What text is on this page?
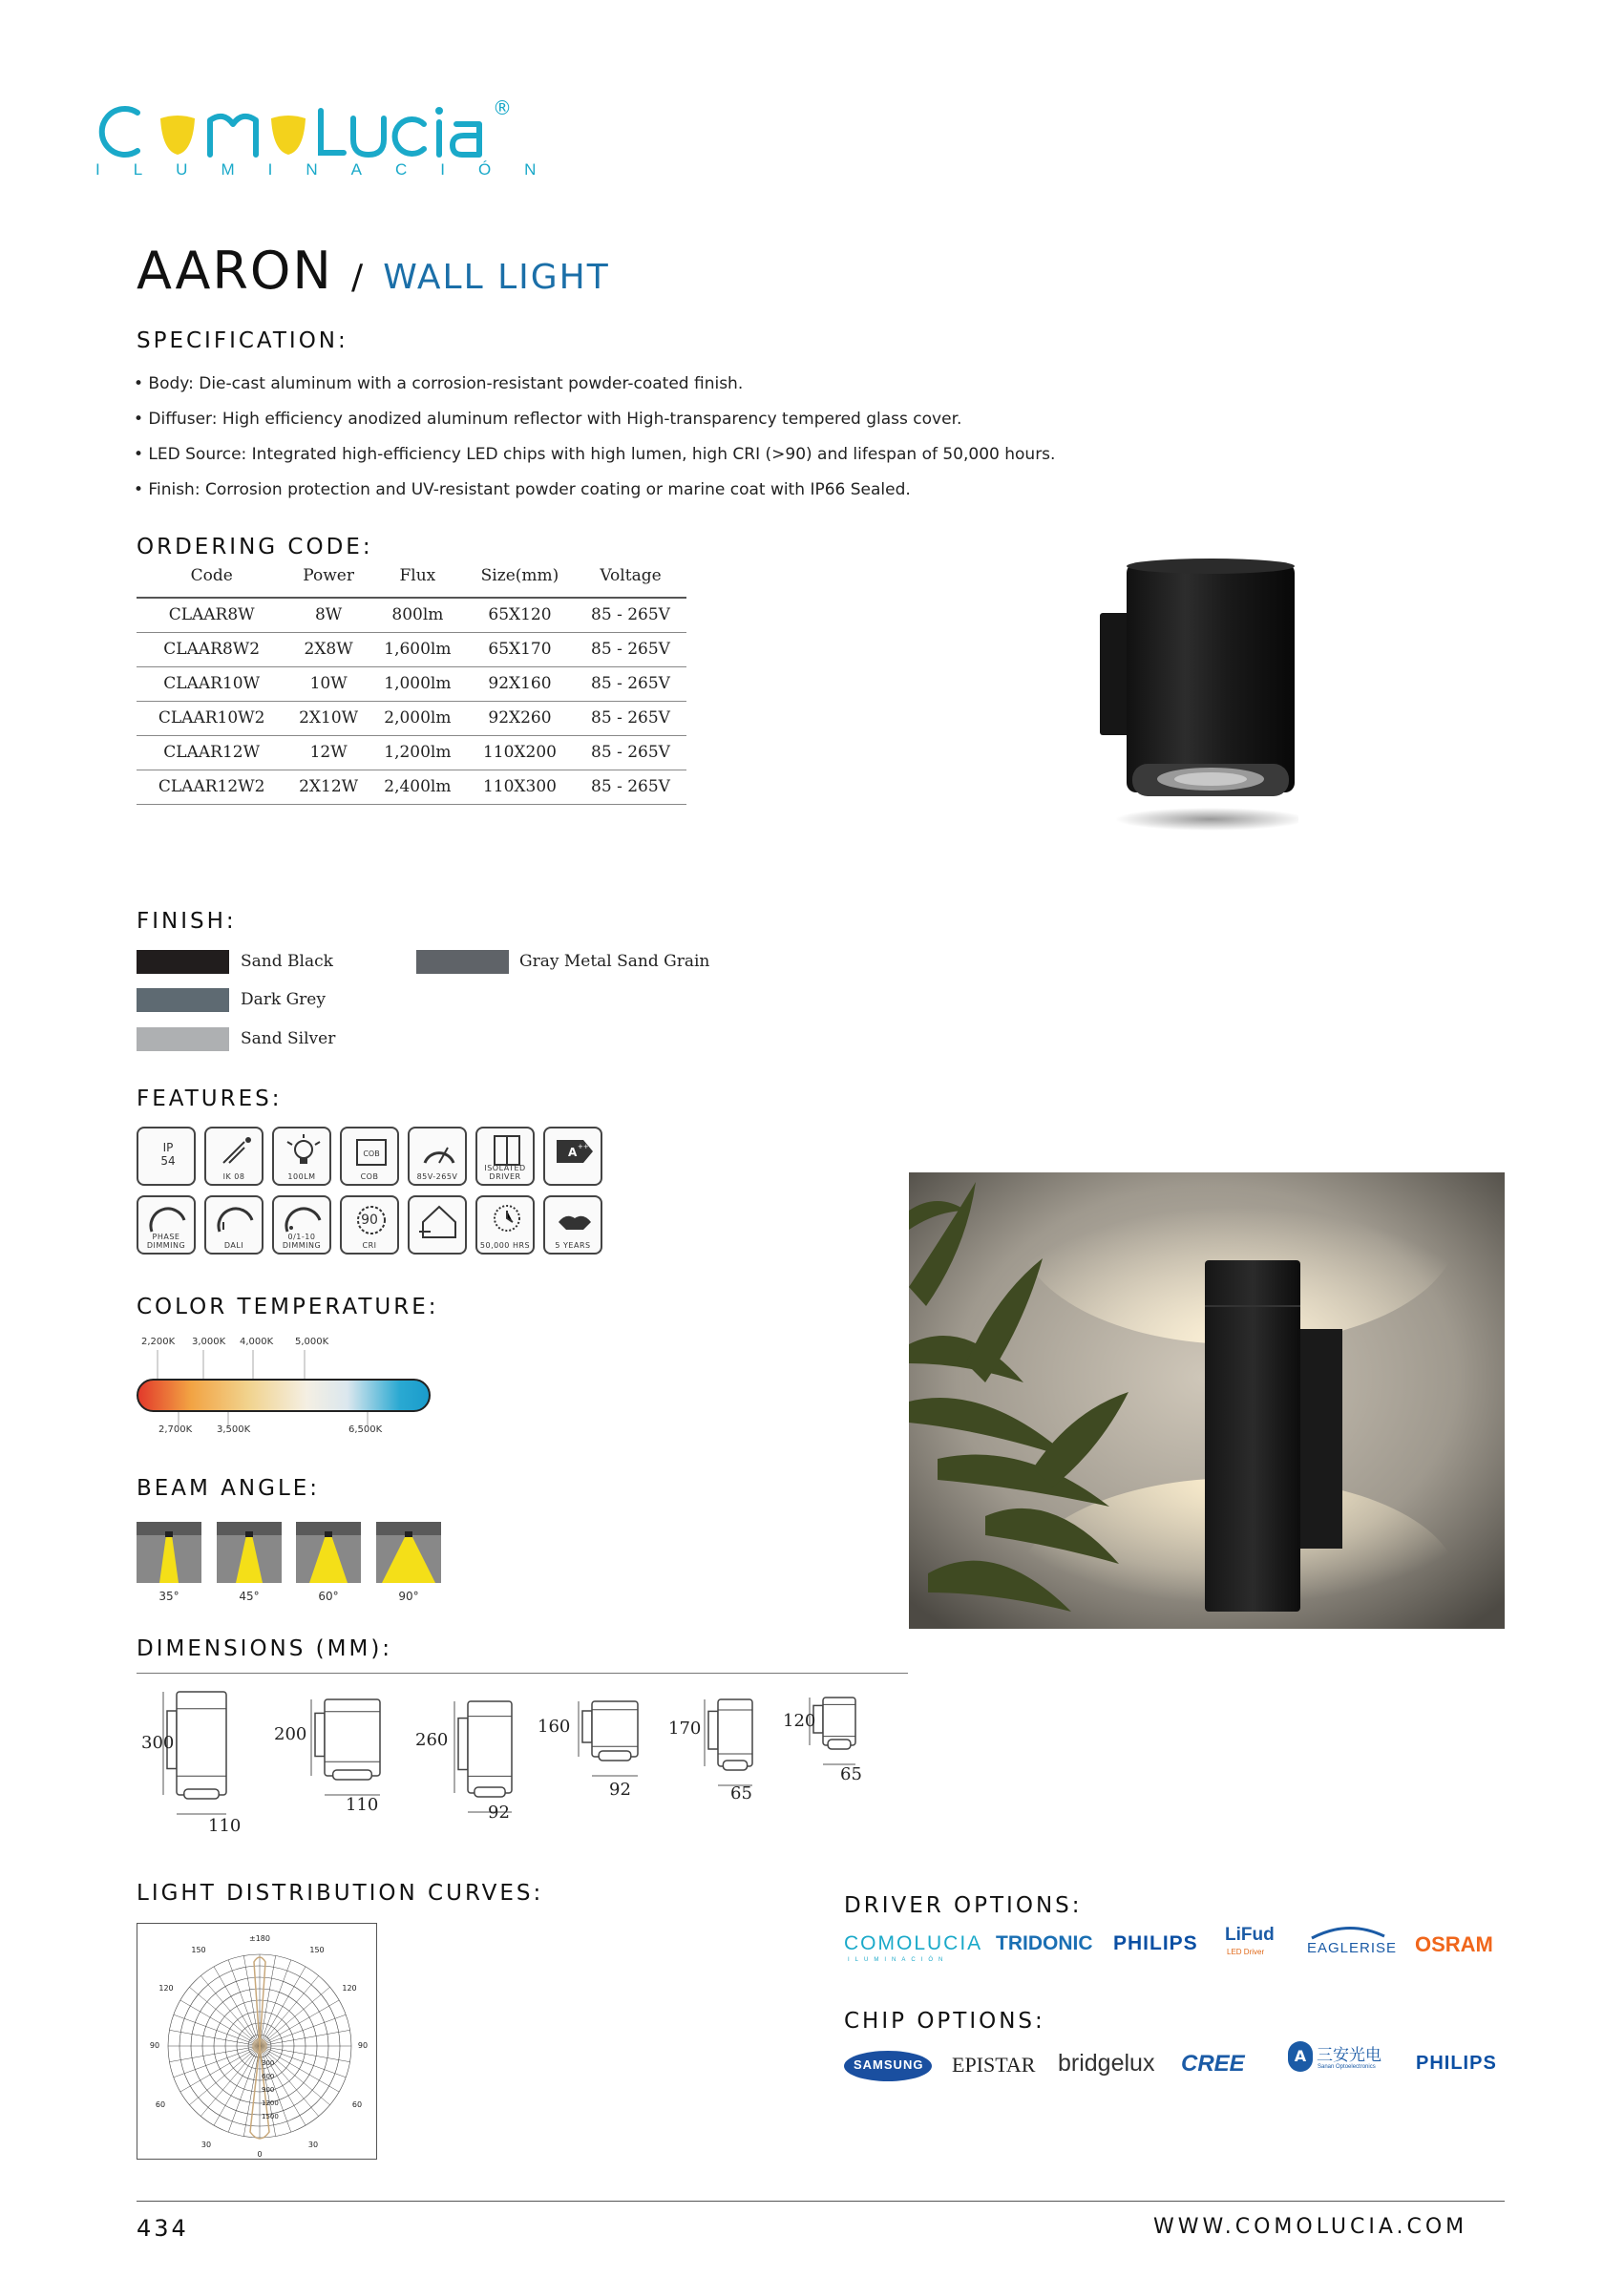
®
ILUMINACIÓN
AARON / WALL LIGHT
SPECIFICATION:
• Body: Die-cast aluminum with a corrosion-resistant powder-coated finish.
• Diffuser: High efficiency anodized aluminum reflector with High-transparency tempered glass cover.
• LED Source: Integrated high-efficiency LED chips with high lumen, high CRI (>90) and lifespan of 50,000 hours.
• Finish: Corrosion protection and UV-resistant powder coating or marine coat with IP66 Sealed.
ORDERING CODE:
Code	Power	Flux	Size(mm)	Voltage
CLAAR8W	8W	800lm	65X120	85 - 265V
CLAAR8W2	2X8W	1,600lm	65X170	85 - 265V
CLAAR10W	10W	1,000lm	92X160	85 - 265V
CLAAR10W2	2X10W	2,000lm	92X260	85 - 265V
CLAAR12W	12W	1,200lm	110X200	85 - 265V
CLAAR12W2	2X12W	2,400lm	110X300	85 - 265V
FINISH:
Sand Black
Dark Grey
Sand Silver
Gray Metal Sand Grain
FEATURES:
IP
54
IK 08	100LM
COB
COB	85V-265V
ISOLATED DRIVER
A ++
PHASE DIMMING	DALI
0/1-10 DIMMING
90
CRI	50,000 HRS	5 YEARS
COLOR TEMPERATURE:
2,200K 3,000K 4,000K 5,000K
2,700K	3,500K	6,500K
BEAM ANGLE:
35°	45°	60°	90°
DIMENSIONS (MM):
300
110
200
110
260
92
160
92
170
65
120
65
LIGHT DISTRIBUTION CURVES:
±180
150	150
120	120
90	90
60	60
30	30
0
300
600
900
1200
1500
DRIVER OPTIONS:
COMOLUCIA
ILUMINACIÓN
TRIDONIC PHILIPS LiFud
LED Driver	EAGLERISE OSRAM
CHIP OPTIONS:
SAMSUNG EPISTAR bridgelux CREE	A 三安光电
Sanan Optoelectronics PHILIPS
434	WWW.COMOLUCIA.COM
